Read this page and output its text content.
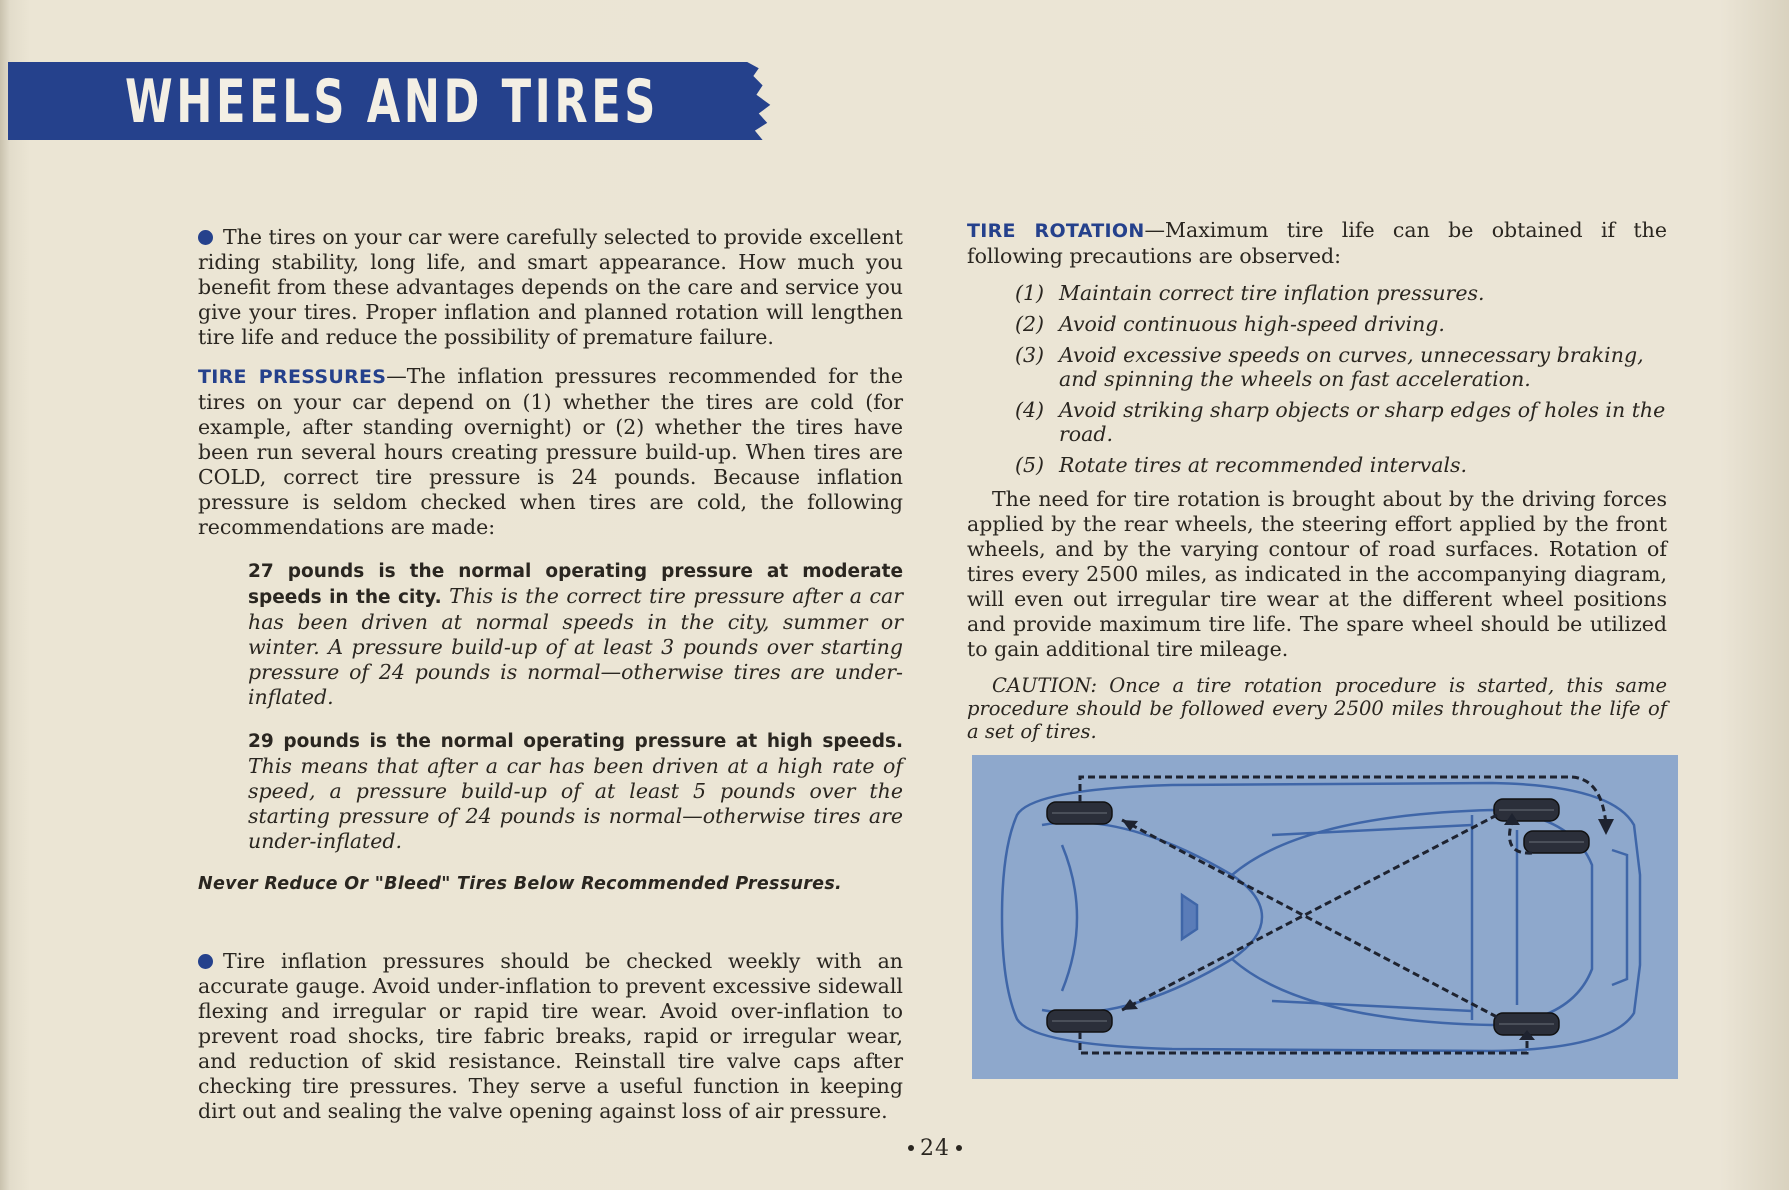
WHEELS AND TIRES

The tires on your car were carefully selected to provide excellent riding stability, long life, and smart appearance. How much you benefit from these advantages depends on the care and service you give your tires. Proper inflation and planned rotation will lengthen tire life and reduce the possibility of premature failure.

TIRE PRESSURES—The inflation pressures recommended for the tires on your car depend on (1) whether the tires are cold (for example, after standing overnight) or (2) whether the tires have been run several hours creating pressure build-up. When tires are COLD, correct tire pressure is 24 pounds. Because inflation pressure is seldom checked when tires are cold, the following recommendations are made:

27 pounds is the normal operating pressure at moderate speeds in the city. This is the correct tire pressure after a car has been driven at normal speeds in the city, summer or winter. A pressure build-up of at least 3 pounds over starting pressure of 24 pounds is normal—otherwise tires are under-inflated.

29 pounds is the normal operating pressure at high speeds. This means that after a car has been driven at a high rate of speed, a pressure build-up of at least 5 pounds over the starting pressure of 24 pounds is normal—otherwise tires are under-inflated.

Never Reduce Or "Bleed" Tires Below Recommended Pressures.

Tire inflation pressures should be checked weekly with an accurate gauge. Avoid under-inflation to prevent excessive sidewall flexing and irregular or rapid tire wear. Avoid over-inflation to prevent road shocks, tire fabric breaks, rapid or irregular wear, and reduction of skid resistance. Reinstall tire valve caps after checking tire pressures. They serve a useful function in keeping dirt out and sealing the valve opening against loss of air pressure.

TIRE ROTATION—Maximum tire life can be obtained if the following precautions are observed:

(1) Maintain correct tire inflation pressures.
(2) Avoid continuous high-speed driving.
(3) Avoid excessive speeds on curves, unnecessary braking, and spinning the wheels on fast acceleration.
(4) Avoid striking sharp objects or sharp edges of holes in the road.
(5) Rotate tires at recommended intervals.

The need for tire rotation is brought about by the driving forces applied by the rear wheels, the steering effort applied by the front wheels, and by the varying contour of road surfaces. Rotation of tires every 2500 miles, as indicated in the accompanying diagram, will even out irregular tire wear at the different wheel positions and provide maximum tire life. The spare wheel should be utilized to gain additional tire mileage.

CAUTION: Once a tire rotation procedure is started, this same procedure should be followed every 2500 miles throughout the life of a set of tires.

24
